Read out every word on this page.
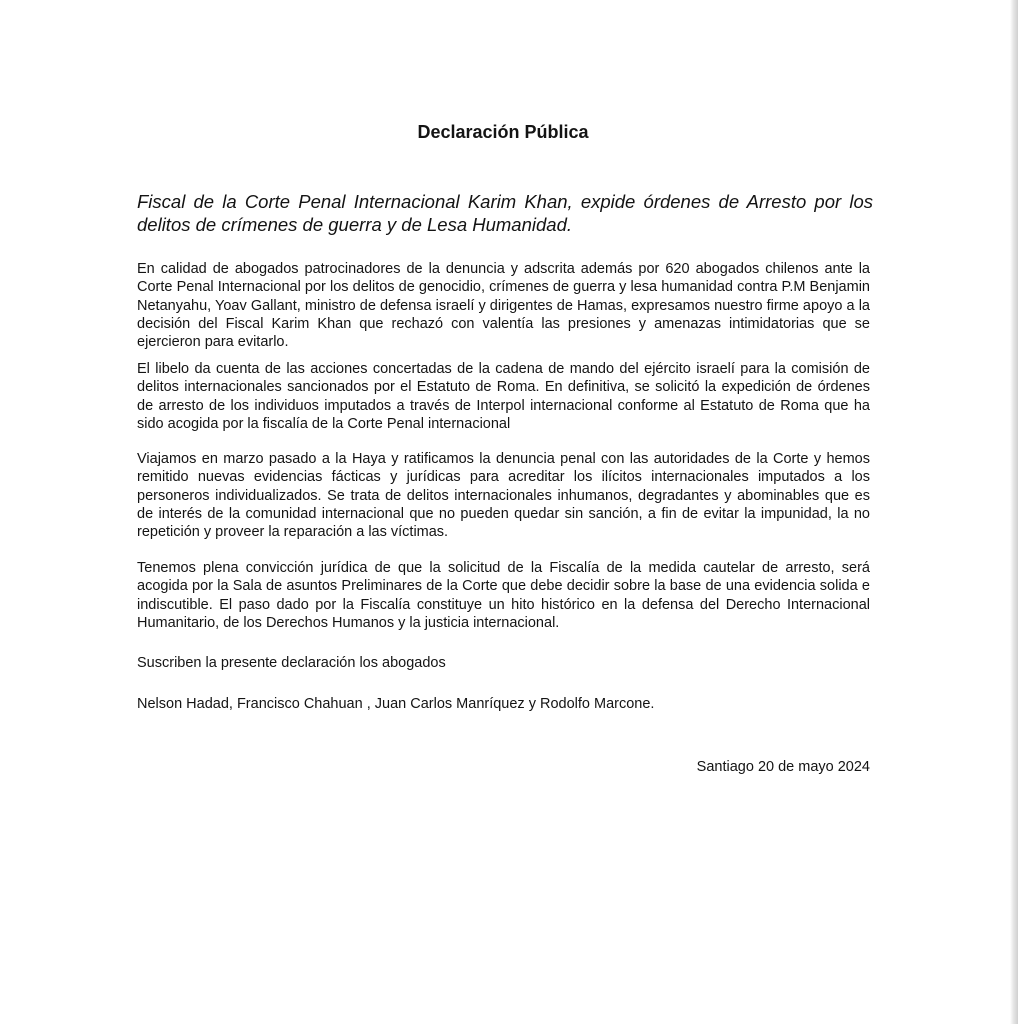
Declaración Pública

Fiscal de la Corte Penal Internacional Karim Khan, expide órdenes de Arresto por los delitos de crímenes de guerra y de Lesa Humanidad.

En calidad de abogados patrocinadores de la denuncia y adscrita además por 620 abogados chilenos ante la Corte Penal Internacional por los delitos de genocidio, crímenes de guerra y lesa humanidad contra P.M Benjamin Netanyahu, Yoav Gallant, ministro de defensa israelí y dirigentes de Hamas, expresamos nuestro firme apoyo a la decisión del Fiscal Karim Khan que rechazó con valentía las presiones y amenazas intimidatorias que se ejercieron para evitarlo.

El libelo da cuenta de las acciones concertadas de la cadena de mando del ejército israelí para la comisión de delitos internacionales sancionados por el Estatuto de Roma. En definitiva, se solicitó la expedición de órdenes de arresto de los individuos imputados a través de Interpol internacional conforme al Estatuto de Roma que ha sido acogida por la fiscalía de la Corte Penal internacional

Viajamos en marzo pasado a la Haya y ratificamos la denuncia penal con las autoridades de la Corte y hemos remitido nuevas evidencias fácticas y jurídicas para acreditar los ilícitos internacionales imputados a los personeros individualizados. Se trata de delitos internacionales inhumanos, degradantes y abominables que es de interés de la comunidad internacional que no pueden quedar sin sanción, a fin de evitar la impunidad, la no repetición y proveer la reparación a las víctimas.

Tenemos plena convicción jurídica de que la solicitud de la Fiscalía de la medida cautelar de arresto, será acogida por la Sala de asuntos Preliminares de la Corte que debe decidir sobre la base de una evidencia solida e indiscutible. El paso dado por la Fiscalía constituye un hito histórico en la defensa del Derecho Internacional Humanitario, de los Derechos Humanos y la justicia internacional.

Suscriben la presente declaración los abogados

Nelson Hadad, Francisco Chahuan , Juan Carlos Manríquez y Rodolfo Marcone.

Santiago 20 de mayo 2024
